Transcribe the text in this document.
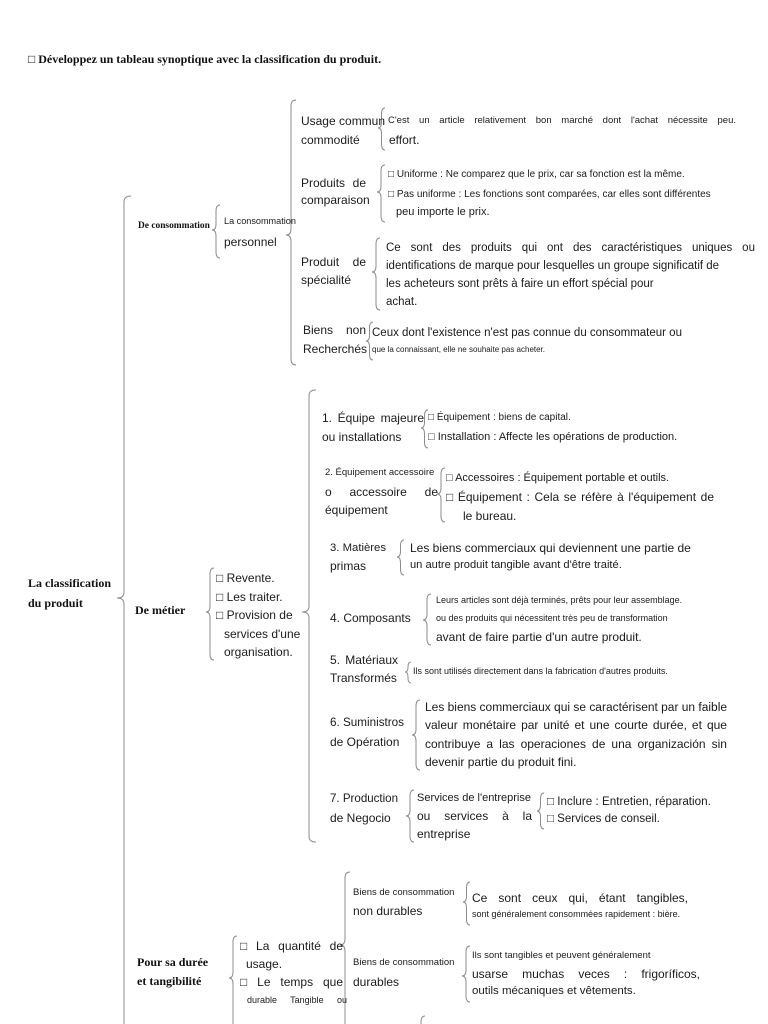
□ Développez un tableau synoptique avec la classification du produit.
La classification
du produit
De consommation La consommation
personnel
Usage commun
commodité
C'est un article relativement bon marché dont l'achat nécessite peu.
effort.
Produits de
comparaison
□ Uniforme : Ne comparez que le prix, car sa fonction est la même.
□ Pas uniforme : Les fonctions sont comparées, car elles sont différentes
peu importe le prix.
Produit de
spécialité
Ce sont des produits qui ont des caractéristiques uniques ou
identifications de marque pour lesquelles un groupe significatif de
les acheteurs sont prêts à faire un effort spécial pour
achat.
Biens non
Recherchés
Ceux dont l'existence n'est pas connue du consommateur ou
que la connaissant, elle ne souhaite pas acheter.
De métier
□ Revente.
□ Les traiter.
□ Provision de
services d'une
organisation.
1. Équipe majeure
ou installations
□ Équipement : biens de capital.
□ Installation : Affecte les opérations de production.
2. Équipement accessoire
o accessoire de
équipement
□ Accessoires : Équipement portable et outils.
□ Équipement : Cela se réfère à l'équipement de
le bureau.
3. Matières
primas
Les biens commerciaux qui deviennent une partie de
un autre produit tangible avant d'être traité.
4. Composants
Leurs articles sont déjà terminés, prêts pour leur assemblage.
ou des produits qui nécessitent très peu de transformation
avant de faire partie d'un autre produit.
5. Matériaux
Transformés Ils sont utilisés directement dans la fabrication d'autres produits.
6. Suministros
de Opération
Les biens commerciaux qui se caractérisent par un faible
valeur monétaire par unité et une courte durée, et que
contribuye a las operaciones de una organización sin
devenir partie du produit fini.
7. Production
de Negocio
Services de l'entreprise
ou services à la
entreprise
□ Inclure : Entretien, réparation.
□ Services de conseil.
Pour sa durée
et tangibilité
□ La quantité de
usage.
□ Le temps que
durable Tangible ou
Biens de consommation
non durables
Ce sont ceux qui, étant tangibles,
sont généralement consommées rapidement : bière.
Biens de consommation
durables
Ils sont tangibles et peuvent généralement
usarse muchas veces : frigoríficos,
outils mécaniques et vêtements.
